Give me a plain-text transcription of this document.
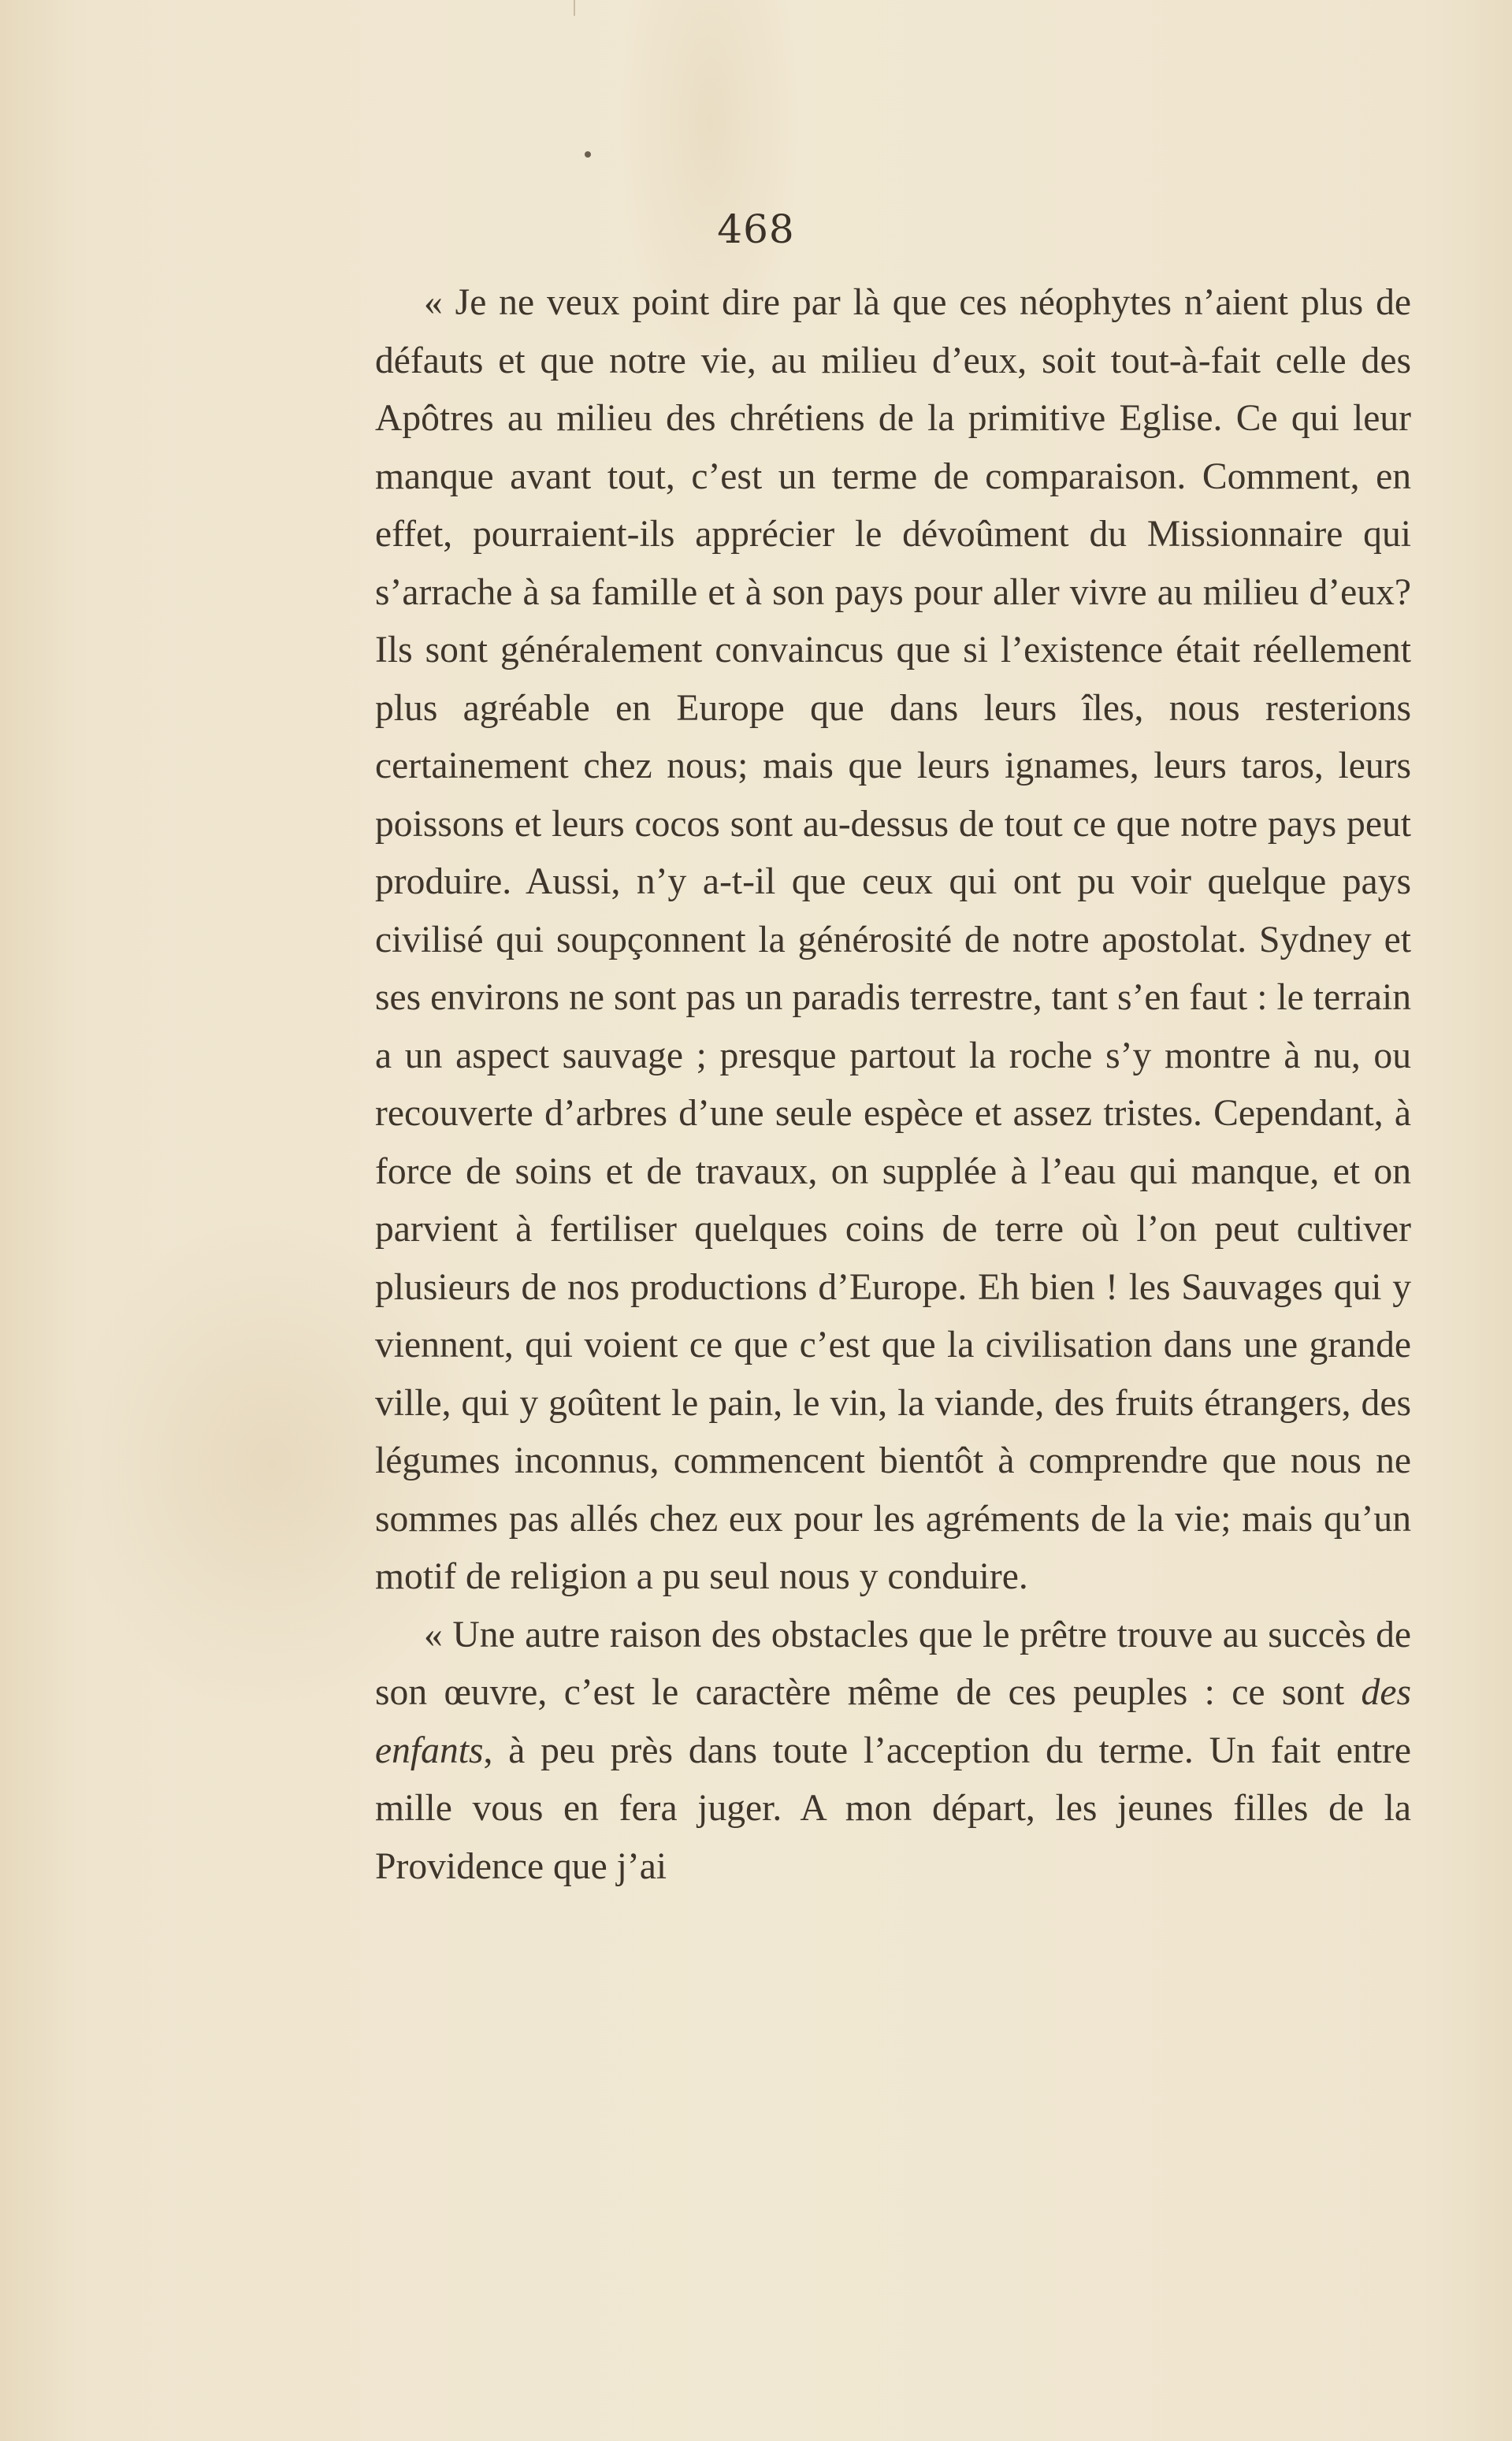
468

« Je ne veux point dire par là que ces néophytes n’aient plus de défauts et que notre vie, au milieu d’eux, soit tout-à-fait celle des Apôtres au milieu des chrétiens de la primitive Eglise. Ce qui leur manque avant tout, c’est un terme de comparaison. Comment, en effet, pourraient-ils apprécier le dévoûment du Missionnaire qui s’arrache à sa famille et à son pays pour aller vivre au milieu d’eux? Ils sont généralement convaincus que si l’existence était réellement plus agréable en Europe que dans leurs îles, nous resterions certainement chez nous; mais que leurs ignames, leurs taros, leurs poissons et leurs cocos sont au-dessus de tout ce que notre pays peut produire. Aussi, n’y a-t-il que ceux qui ont pu voir quelque pays civilisé qui soupçonnent la générosité de notre apostolat. Sydney et ses environs ne sont pas un paradis terrestre, tant s’en faut : le terrain a un aspect sauvage ; presque partout la roche s’y montre à nu, ou recouverte d’arbres d’une seule espèce et assez tristes. Cependant, à force de soins et de travaux, on supplée à l’eau qui manque, et on parvient à fertiliser quelques coins de terre où l’on peut cultiver plusieurs de nos productions d’Europe. Eh bien ! les Sauvages qui y viennent, qui voient ce que c’est que la civilisation dans une grande ville, qui y goûtent le pain, le vin, la viande, des fruits étrangers, des légumes inconnus, commencent bientôt à comprendre que nous ne sommes pas allés chez eux pour les agréments de la vie; mais qu’un motif de religion a pu seul nous y conduire.

« Une autre raison des obstacles que le prêtre trouve au succès de son œuvre, c’est le caractère même de ces peuples : ce sont des enfants, à peu près dans toute l’acception du terme. Un fait entre mille vous en fera juger. A mon départ, les jeunes filles de la Providence que j’ai
